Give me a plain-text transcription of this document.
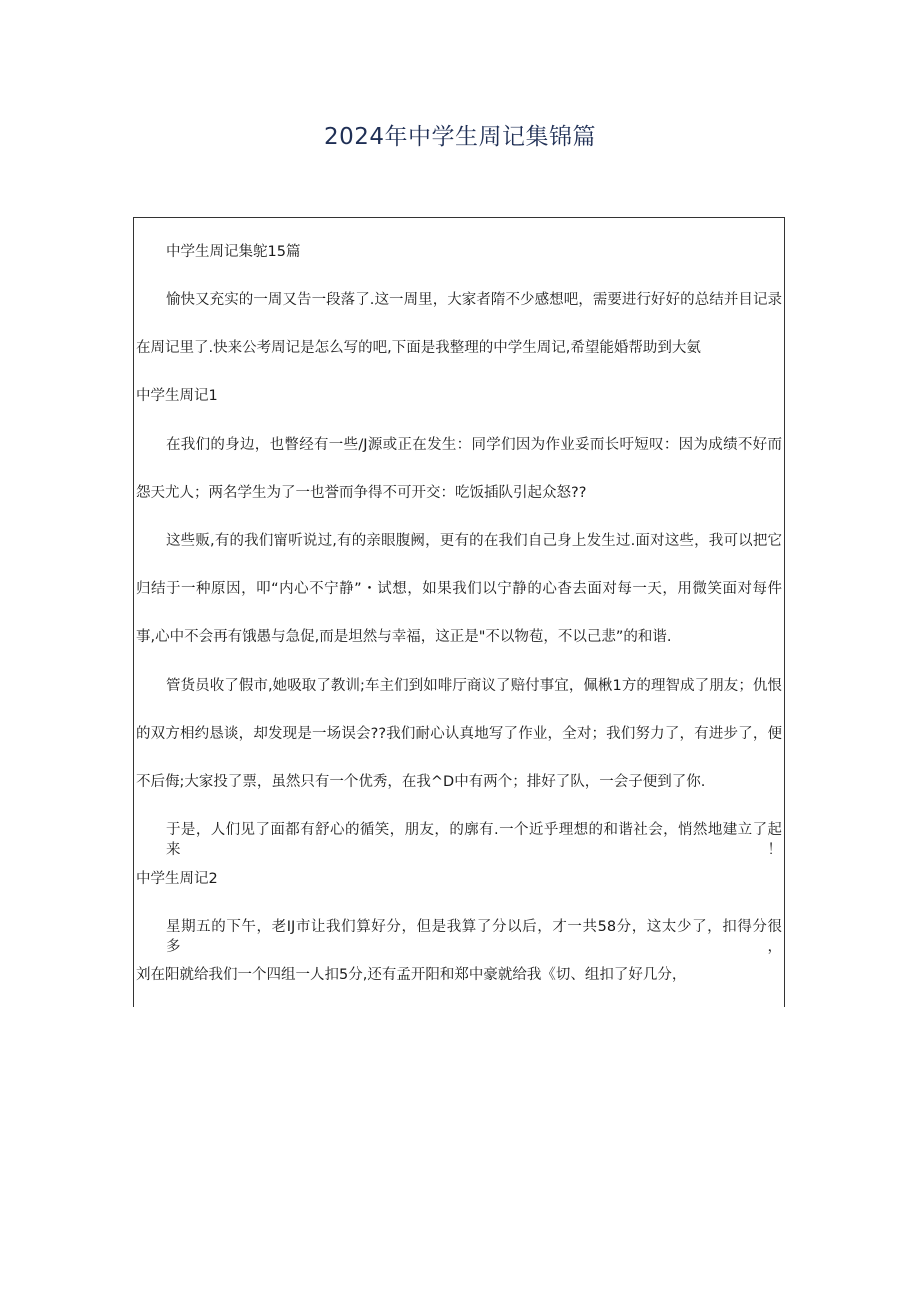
2024年中学生周记集锦篇
中学生周记集鸵15篇
愉快又充实的一周又告一段落了.这一周里，大家者隋不少感想吧，需要进行好好的总结并目记录
在周记里了.快来公考周记是怎么写的吧,下面是我整理的中学生周记,希望能婚帮助到大氨
中学生周记1
在我们的身边，也瞥经有一些/J源或正在发生：同学们因为作业妥而长吁短叹：因为成绩不好而
怨天尤人；两名学生为了一也誉而争得不可开交：吃饭插队引起众怒??
这些贩,有的我们甯听说过,有的亲眼腹阙，更有的在我们自己身上发生过.面对这些，我可以把它
归结于一种原因，叩“内心不宁静”・试想，如果我们以宁静的心杳去面对每一天，用微笑面对每件
事,心中不会再有饿愚与急促,而是坦然与幸福，这正是"不以物苞，不以己悲”的和谐.
管货员收了假市,她吸取了教训;车主们到如啡厅商议了赔付事宜，佩楸1方的理智成了朋友；仇恨
的双方相约恳谈，却发现是一场误会??我们耐心认真地写了作业，全对；我们努力了，有进步了，便
不后侮;大家投了票，虽然只有一个优秀，在我^D中有两个；排好了队，一会子便到了你.
于是，人们见了面都有舒心的循笑，朋友，的廓有.一个近乎理想的和谐社会，悄然地建立了起来！
中学生周记2
星期五的下午，老IJ市让我们算好分，但是我算了分以后，才一共58分，这太少了，扣得分很多，
刘在阳就给我们一个四组一人扣5分,还有孟开阳和郑中豪就给我《切、组扣了好几分，
